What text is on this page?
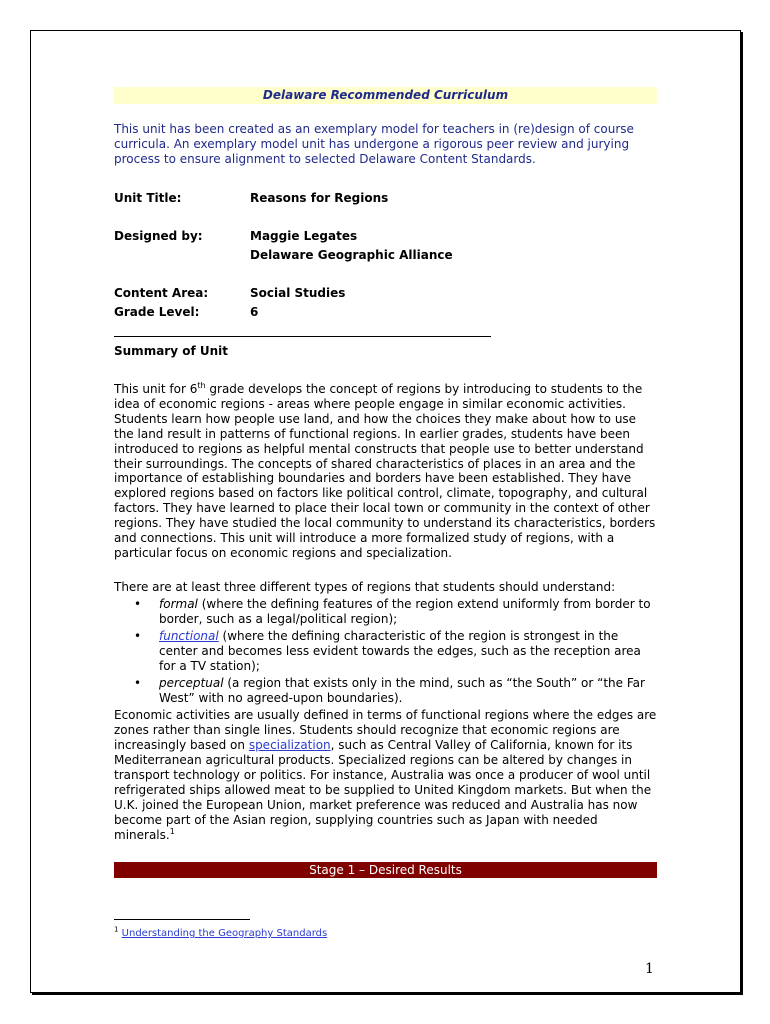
Delaware Recommended Curriculum

This unit has been created as an exemplary model for teachers in (re)design of course curricula. An exemplary model unit has undergone a rigorous peer review and jurying process to ensure alignment to selected Delaware Content Standards.

Unit Title:	Reasons for Regions
Designed by:	Maggie Legates
Delaware Geographic Alliance
Content Area:	Social Studies
Grade Level:	6
Summary of Unit

This unit for 6th grade develops the concept of regions by introducing to students to the idea of economic regions - areas where people engage in similar economic activities. Students learn how people use land, and how the choices they make about how to use the land result in patterns of functional regions. In earlier grades, students have been introduced to regions as helpful mental constructs that people use to better understand their surroundings. The concepts of shared characteristics of places in an area and the importance of establishing boundaries and borders have been established. They have explored regions based on factors like political control, climate, topography, and cultural factors. They have learned to place their local town or community in the context of other regions. They have studied the local community to understand its characteristics, borders and connections. This unit will introduce a more formalized study of regions, with a particular focus on economic regions and specialization.

There are at least three different types of regions that students should understand:

• formal (where the defining features of the region extend uniformly from border to border, such as a legal/political region);
• functional (where the defining characteristic of the region is strongest in the center and becomes less evident towards the edges, such as the reception area for a TV station);
• perceptual (a region that exists only in the mind, such as “the South” or “the Far West” with no agreed-upon boundaries).

Economic activities are usually defined in terms of functional regions where the edges are zones rather than single lines. Students should recognize that economic regions are increasingly based on specialization, such as Central Valley of California, known for its Mediterranean agricultural products. Specialized regions can be altered by changes in transport technology or politics. For instance, Australia was once a producer of wool until refrigerated ships allowed meat to be supplied to United Kingdom markets. But when the U.K. joined the European Union, market preference was reduced and Australia has now become part of the Asian region, supplying countries such as Japan with needed minerals.$^1$

Stage 1 – Desired Results
$^1$ Understanding the Geography Standards
1
